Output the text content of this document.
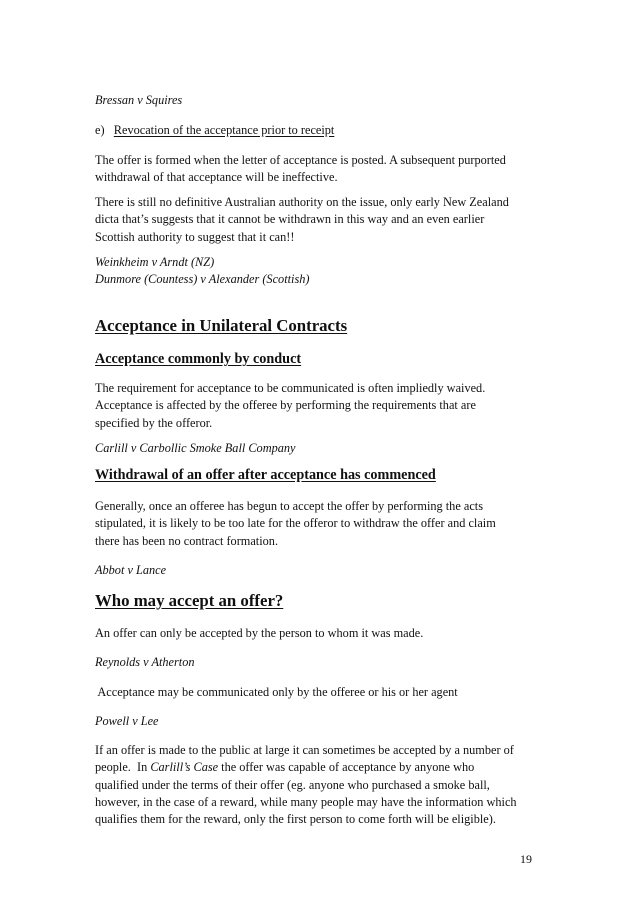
Bressan v Squires

e) Revocation of the acceptance prior to receipt

The offer is formed when the letter of acceptance is posted. A subsequent purported

withdrawal of that acceptance will be ineffective.

There is still no definitive Australian authority on the issue, only early New Zealand

dicta that’s suggests that it cannot be withdrawn in this way and an even earlier

Scottish authority to suggest that it can!!

Weinkheim v Arndt (NZ)

Dunmore (Countess) v Alexander (Scottish)

Acceptance in Unilateral Contracts

Acceptance commonly by conduct

The requirement for acceptance to be communicated is often impliedly waived.

Acceptance is affected by the offeree by performing the requirements that are

specified by the offeror.

Carlill v Carbollic Smoke Ball Company

Withdrawal of an offer after acceptance has commenced

Generally, once an offeree has begun to accept the offer by performing the acts

stipulated, it is likely to be too late for the offeror to withdraw the offer and claim

there has been no contract formation.

Abbot v Lance

Who may accept an offer?

An offer can only be accepted by the person to whom it was made.

Reynolds v Atherton

Acceptance may be communicated only by the offeree or his or her agent

Powell v Lee

If an offer is made to the public at large it can sometimes be accepted by a number of

people.  In Carlill’s Case the offer was capable of acceptance by anyone who

qualified under the terms of their offer (eg. anyone who purchased a smoke ball,

however, in the case of a reward, while many people may have the information which

qualifies them for the reward, only the first person to come forth will be eligible).

19
